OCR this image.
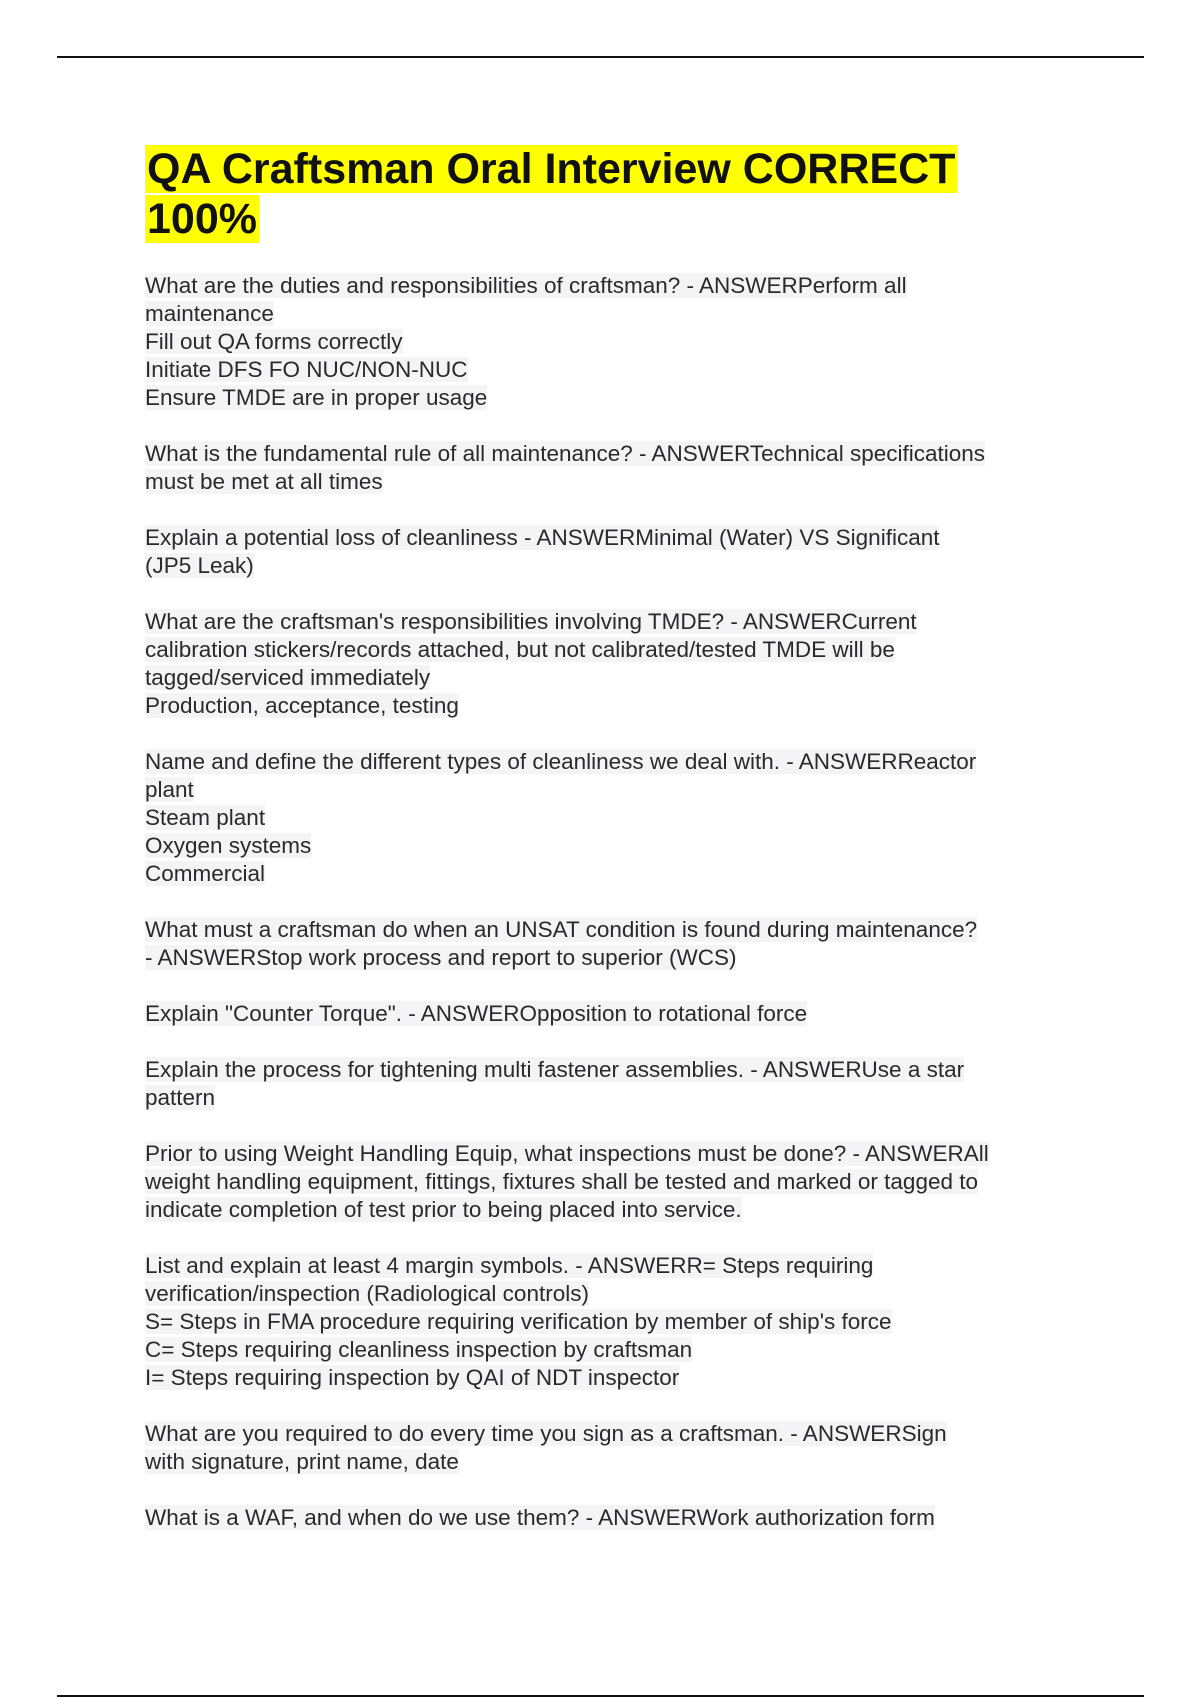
QA Craftsman Oral Interview CORRECT 100%
What are the duties and responsibilities of craftsman? - ANSWERPerform all
maintenance
Fill out QA forms correctly
Initiate DFS FO NUC/NON-NUC
Ensure TMDE are in proper usage
What is the fundamental rule of all maintenance? - ANSWERTechnical specifications
must be met at all times
Explain a potential loss of cleanliness - ANSWERMinimal (Water) VS Significant
(JP5 Leak)
What are the craftsman's responsibilities involving TMDE? - ANSWERCurrent
calibration stickers/records attached, but not calibrated/tested TMDE will be
tagged/serviced immediately
Production, acceptance, testing
Name and define the different types of cleanliness we deal with. - ANSWERReactor
plant
Steam plant
Oxygen systems
Commercial
What must a craftsman do when an UNSAT condition is found during maintenance?
- ANSWERStop work process and report to superior (WCS)
Explain "Counter Torque". - ANSWEROpposition to rotational force
Explain the process for tightening multi fastener assemblies. - ANSWERUse a star
pattern
Prior to using Weight Handling Equip, what inspections must be done? - ANSWERAll
weight handling equipment, fittings, fixtures shall be tested and marked or tagged to
indicate completion of test prior to being placed into service.
List and explain at least 4 margin symbols. - ANSWERR= Steps requiring
verification/inspection (Radiological controls)
S= Steps in FMA procedure requiring verification by member of ship's force
C= Steps requiring cleanliness inspection by craftsman
I= Steps requiring inspection by QAI of NDT inspector
What are you required to do every time you sign as a craftsman. - ANSWERSign
with signature, print name, date
What is a WAF, and when do we use them? - ANSWERWork authorization form
